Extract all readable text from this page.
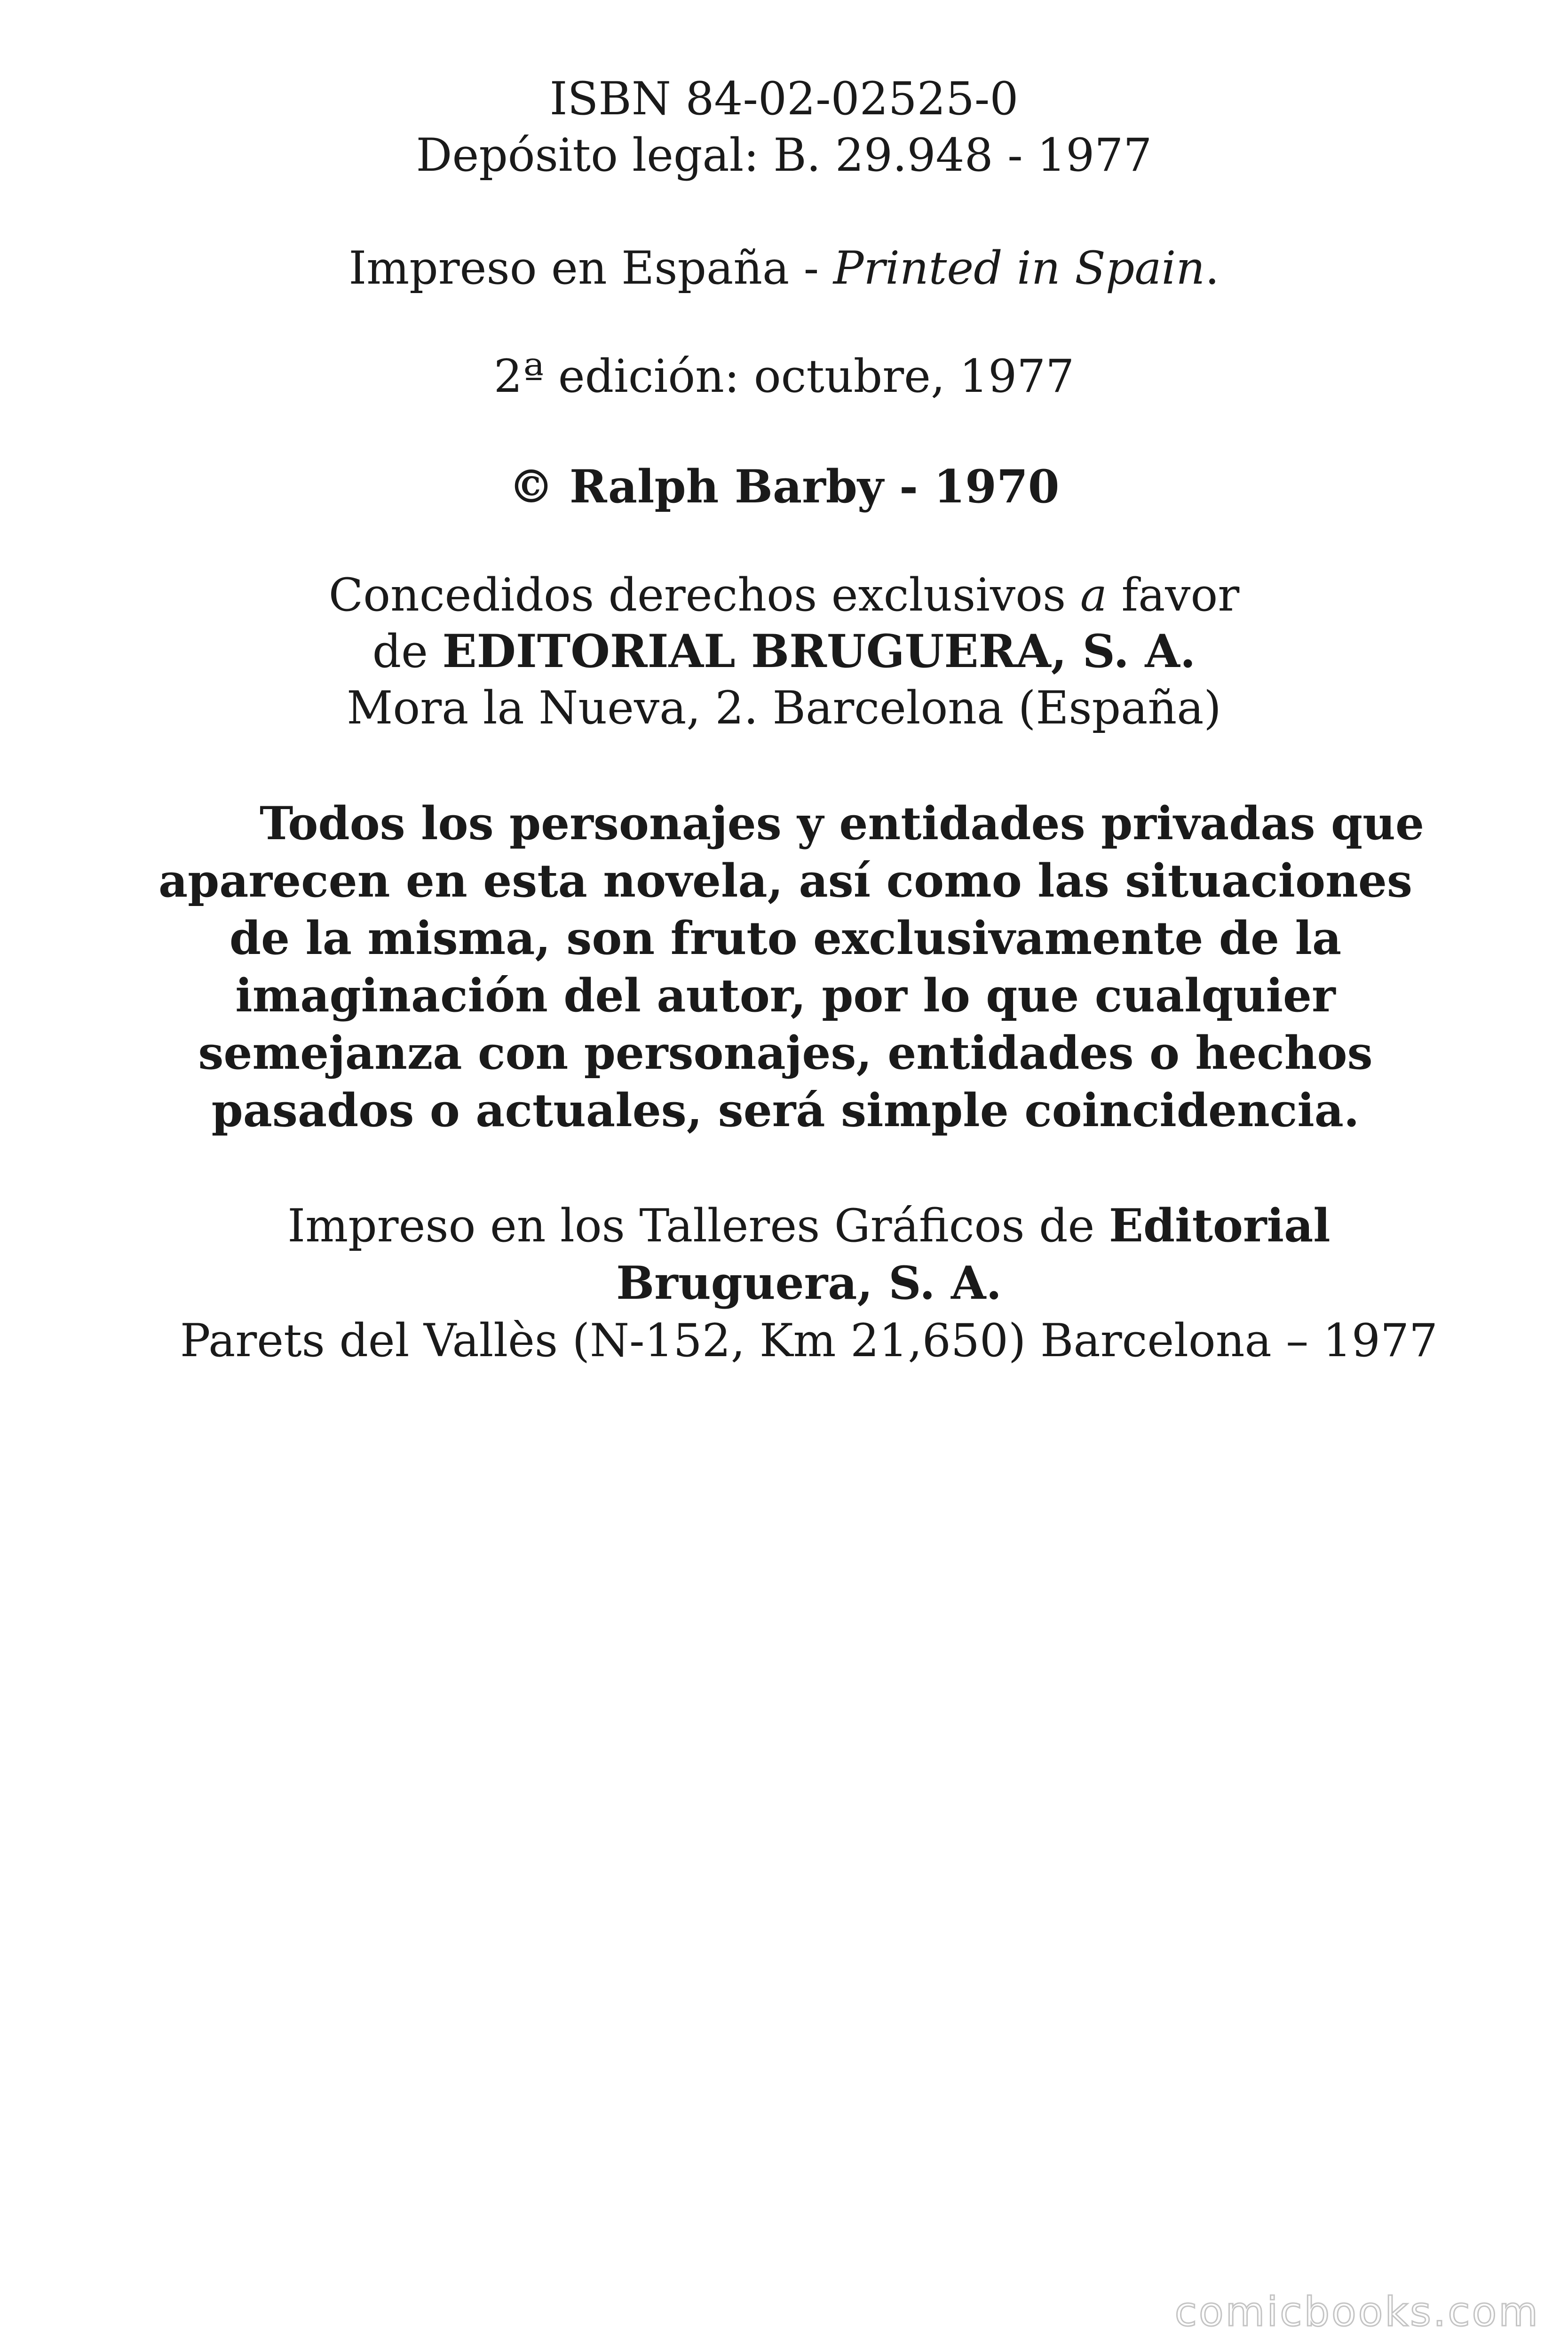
ISBN 84-02-02525-0
Depósito legal: B. 29.948 - 1977
Impreso en España - Printed in Spain.
2ª edición: octubre, 1977
© Ralph Barby - 1970
Concedidos derechos exclusivos a favor
de EDITORIAL BRUGUERA, S. A.
Mora la Nueva, 2. Barcelona (España)
Todos los personajes y entidades privadas que aparecen en esta novela, así como las situaciones de la misma, son fruto exclusivamente de la imaginación del autor, por lo que cualquier semejanza con personajes, entidades o hechos pasados o actuales, será simple coincidencia.
Impreso en los Talleres Gráficos de Editorial Bruguera, S. A.
Parets del Vallès (N-152, Km 21,650) Barcelona – 1977
comicbooks.com
